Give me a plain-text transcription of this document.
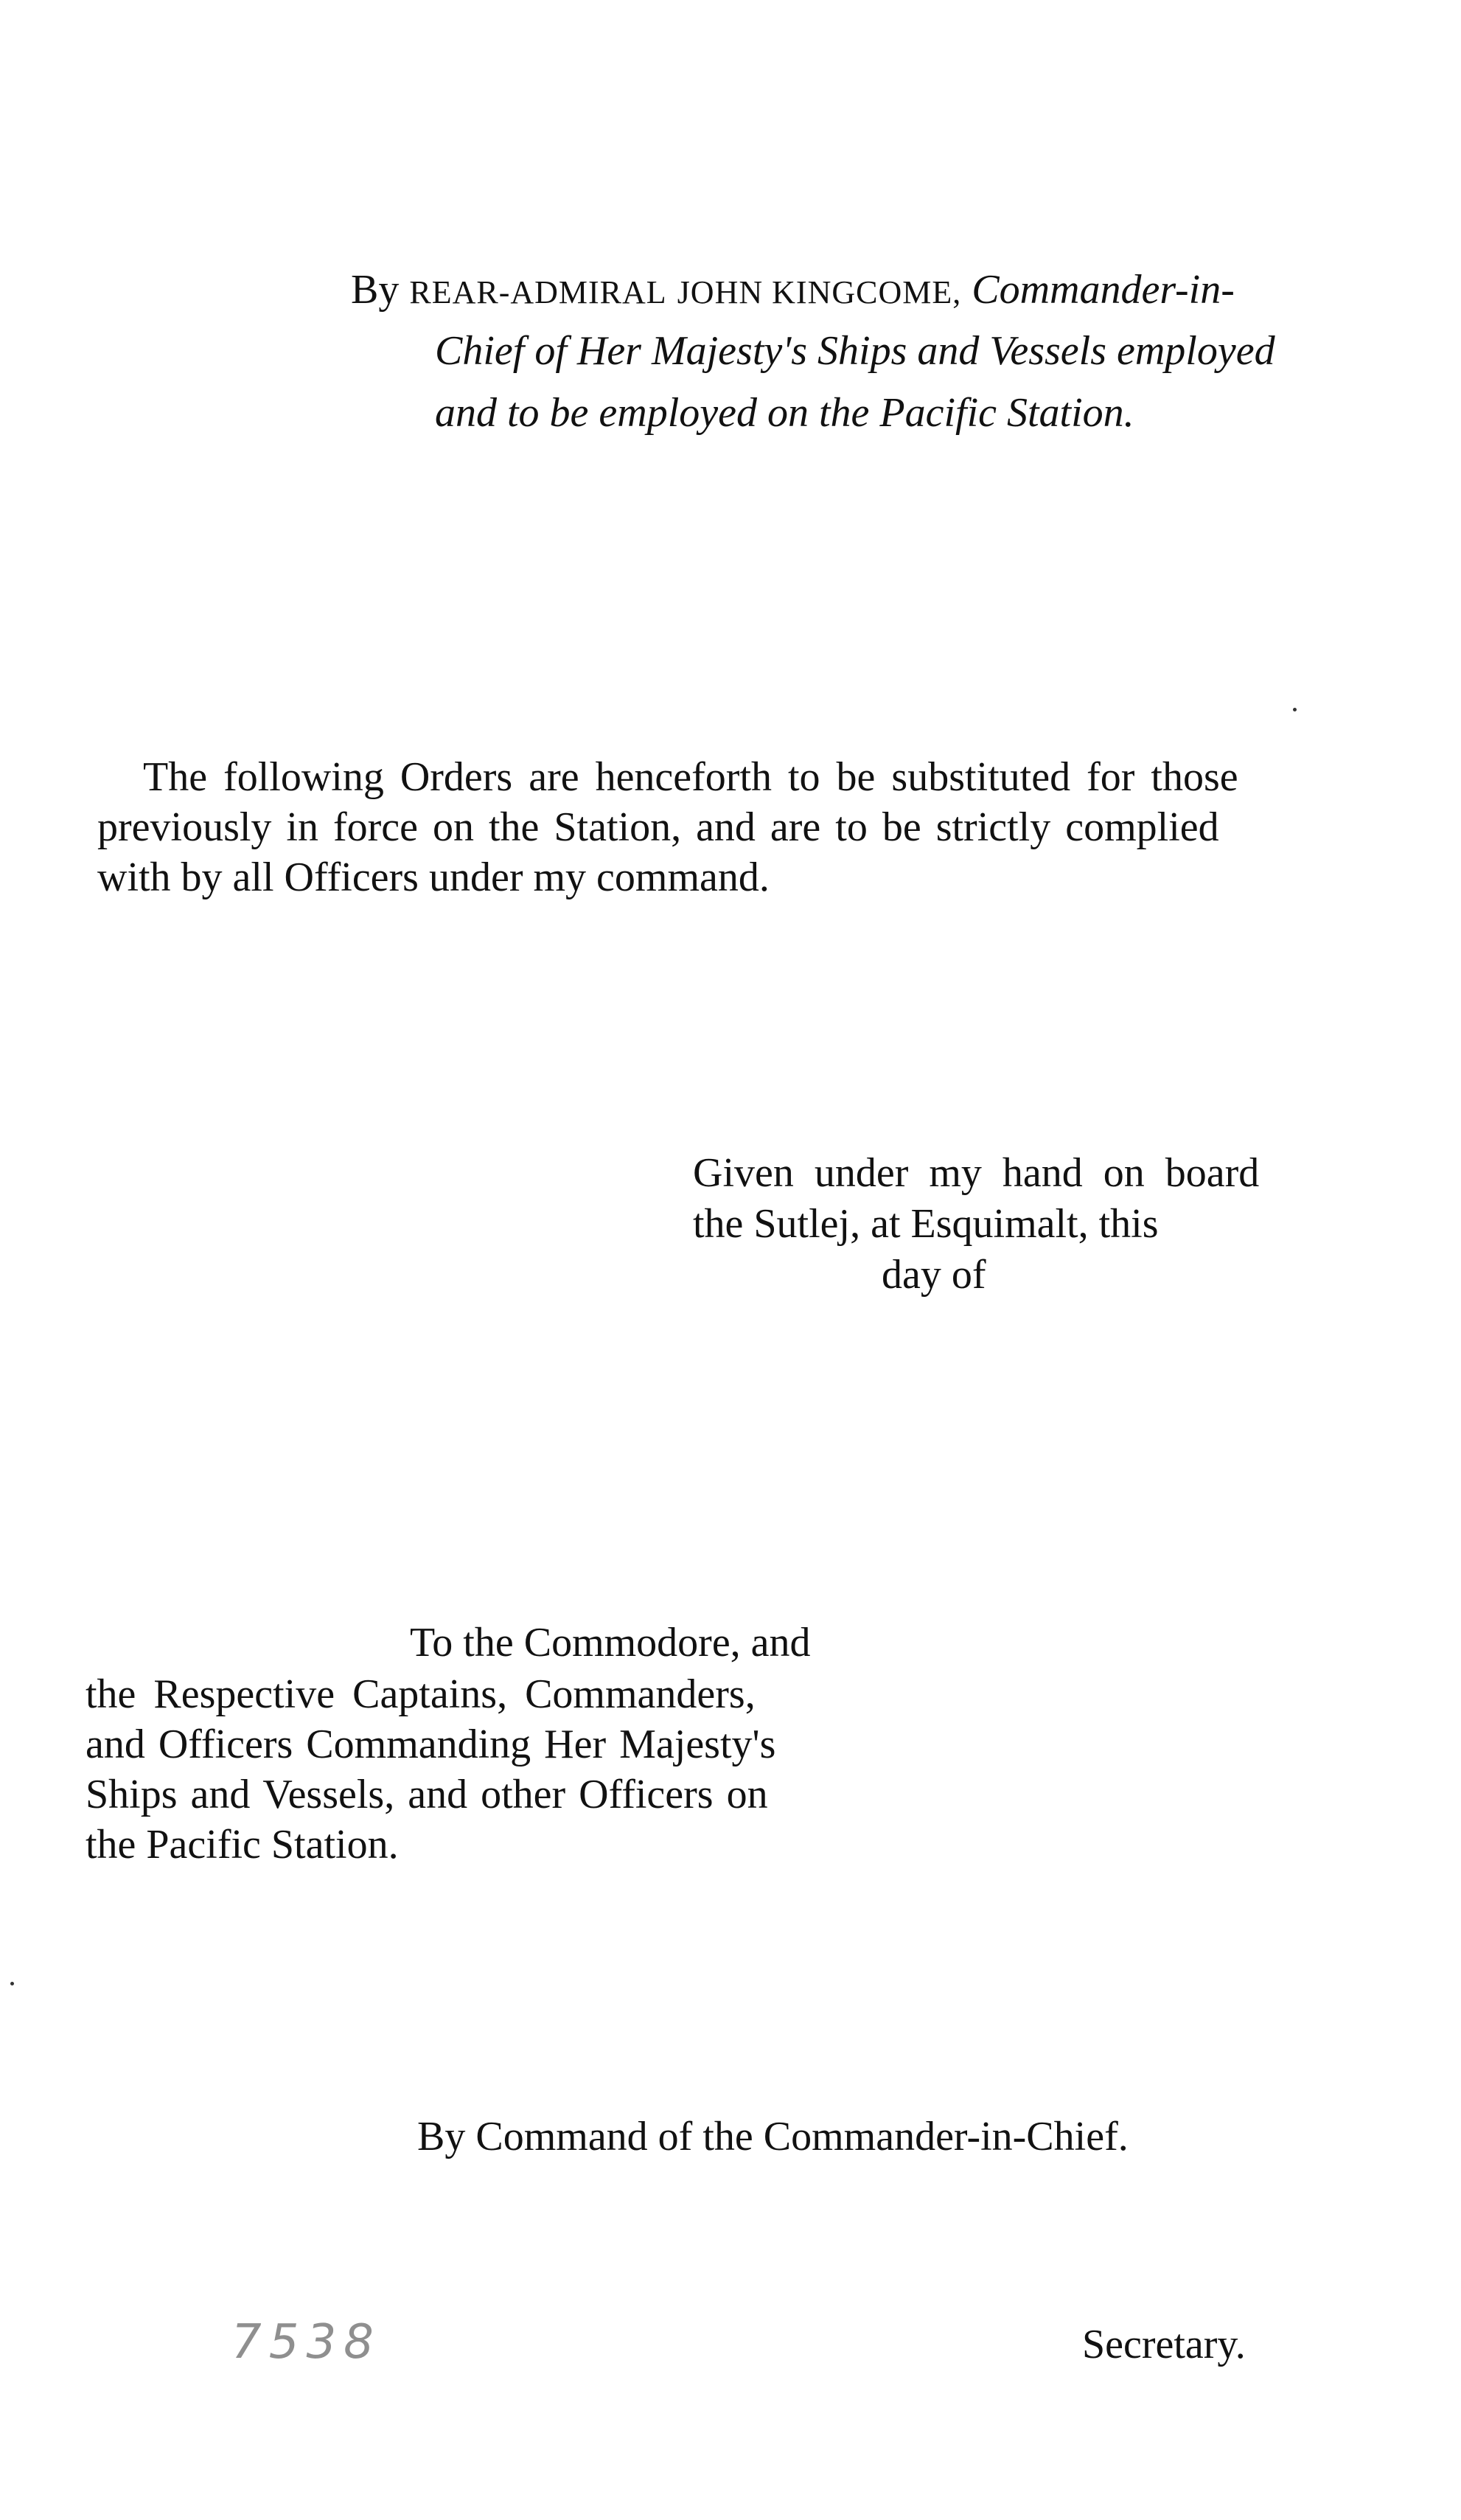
By REAR-ADMIRAL JOHN KINGCOME, Commander-in-
Chief of Her Majesty's Ships and Vessels employed
and to be employed on the Pacific Station.
The following Orders are henceforth to be substituted for those
previously in force on the Station, and are to be strictly complied
with by all Officers under my command.
Given under my hand on board
the Sutlej, at Esquimalt, this
day of
To the Commodore, and
the Respective Captains, Commanders,
and Officers Commanding Her Majesty's
Ships and Vessels, and other Officers on
the Pacific Station.
By Command of the Commander-in-Chief.
7538	Secretary.
